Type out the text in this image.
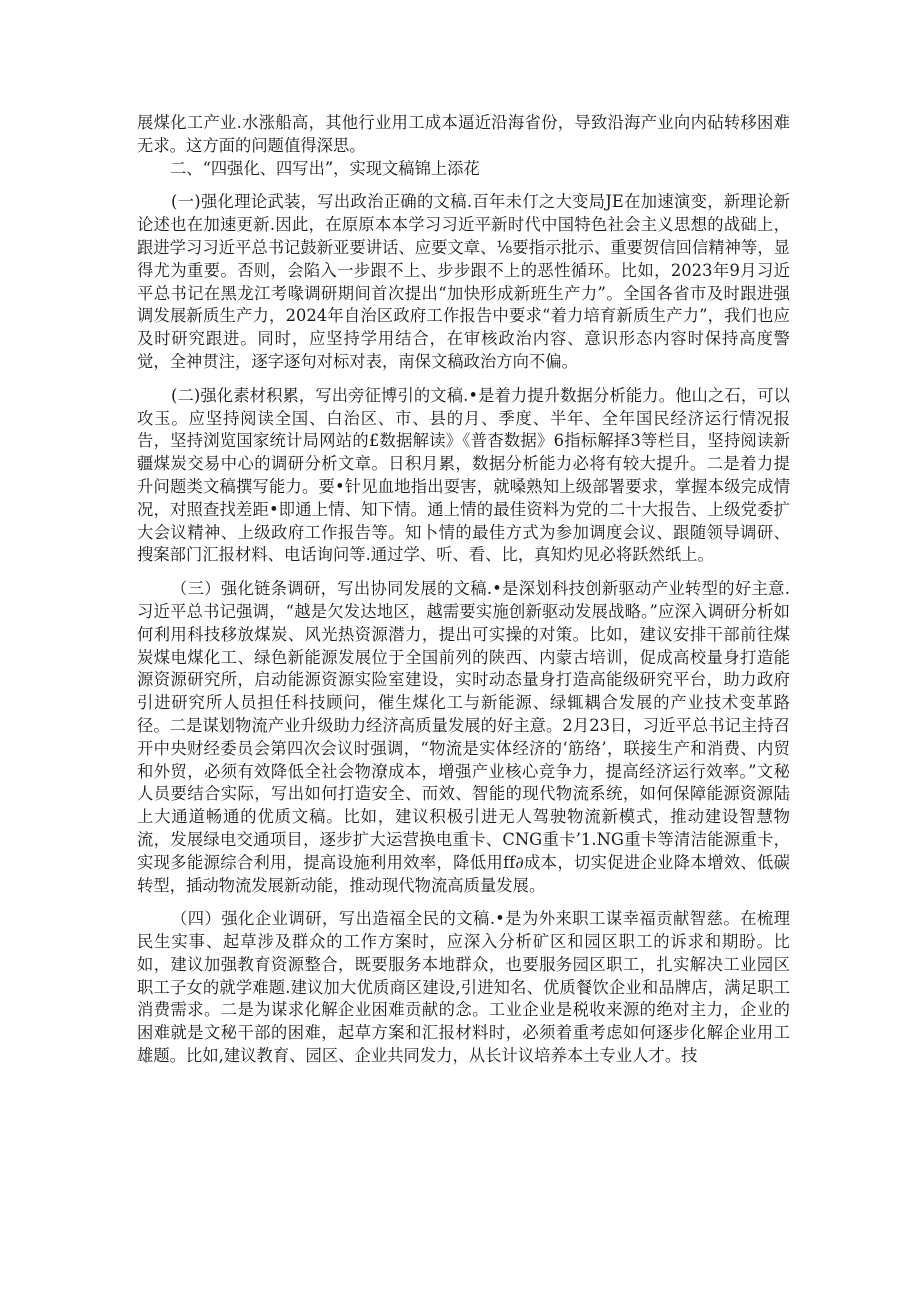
展煤化工产业.水涨船高，其他行业用工成本逼近沿海省份，导致沿海产业向内砧转移困难无求。这方面的问题值得深思。

二、“四强化、四写出”，实现文稿锦上添花

(一)强化理论武装，写出政治正确的文稿.百年未仃之大变局JE在加速演变，新理论新论述也在加速更新.因此，在原原本本学习习近平新时代中国特色社会主义思想的战础上，跟进学习习近平总书记鼓新亚要讲话、应要文章、⅛要指示批示、重要贺信回信精神等，显得尤为重要。否则，会陷入一步跟不上、步步跟不上的恶性循环。比如，2023年9月习近平总书记在黑龙江考喙调研期间首次提出“加快形成新班生产力”。全国各省市及时跟进强调发展新质生产力，2024年自治区政府工作报告中要求“着力培育新质生产力”，我们也应及时研究跟进。同时，应坚持学用结合，在审核政治内容、意识形态内容时保持高度警觉，全神贯注，逐字逐句对标对表，南保文稿政治方向不偏。

(二)强化素材积累，写出旁征博引的文稿.•是着力提升数据分析能力。他山之石，可以攻玉。应坚持阅读全国、白治区、市、县的月、季度、半年、全年国民经济运行情况报告，坚持浏览国家统计局网站的£数据解读》《普杳数据》6指标解择3等栏目，坚持阅读新疆煤炭交易中心的调研分析文章。日积月累，数据分析能力必将有较大提升。二是着力提升问题类文稿撰写能力。要•针见血地指出耍害，就嗓熟知上级部署要求，掌握本级完成情况，对照查找差距•即通上情、知下情。通上情的最佳资料为党的二十大报告、上级党委扩大会议精神、上级政府工作报告等。知卜情的最佳方式为参加调度会议、跟随领导调研、搜案部门汇报材料、电话询问等.通过学、听、看、比，真知灼见必将跃然纸上。

（三）强化链条调研，写出协同发展的文稿.•是深划科技创新驱动产业转型的好主意.习近平总书记强调，“越是欠发达地区，越需要实施创新驱动发展战略。”应深入调研分析如何利用科技移放煤炭、风光热资源潜力，提出可实操的对策。比如，建议安排干部前往煤炭煤电煤化工、绿色新能源发展位于全国前列的陕西、内蒙古培训，促成高校量身打造能源资源研究所，启动能源资源实险室建设，实时动态量身打造高能级研究平台，助力政府引进研究所人员担任科技顾问，催生煤化工与新能源、绿辄耦合发展的产业技术变革路径。二是谋划物流产业升级助力经济高质量发展的好主意。2月23日，习近平总书记主持召开中央财经委员会第四次会议时强调，“物流是实体经济的‘筋络’，联接生产和消费、内贸和外贸，必须有效降低全社会物潦成本，增强产业核心竞争力，提高经济运行效率。”文秘人员要结合实际，写出如何打造安全、而效、智能的现代物流系统，如何保障能源资源陆上大通道畅通的优质文稿。比如，建议积极引进无人驾驶物流新模式，推动建设智慧物流，发展绿电交通项目，逐步扩大运营换电重卡、CNG重卡’1.NG重卡等清洁能源重卡，实现多能源综合利用，提高设施利用效率，降低用ff∂成本，切实促进企业降本增效、低碳转型，插动物流发展新动能，推动现代物流高质量发展。

（四）强化企业调研，写出造福全民的文稿.•是为外来职工谋幸福贡献智慈。在梳理民生实事、起草涉及群众的工作方案时，应深入分析矿区和园区职工的诉求和期盼。比如，建议加强教育资源整合，既要服务本地群众，也要服务园区职工，扎实解决工业园区职工子女的就学难题.建议加大优质商区建设,引进知名、优质餐饮企业和品牌店，满足职工消费需求。二是为谋求化解企业困难贡献的念。工业企业是税收来源的绝对主力，企业的困难就是文秘干部的困难，起草方案和汇报材料时，必须着重考虑如何逐步化解企业用工雄题。比如,建议教育、园区、企业共同发力，从长计议培养本土专业人才。技
